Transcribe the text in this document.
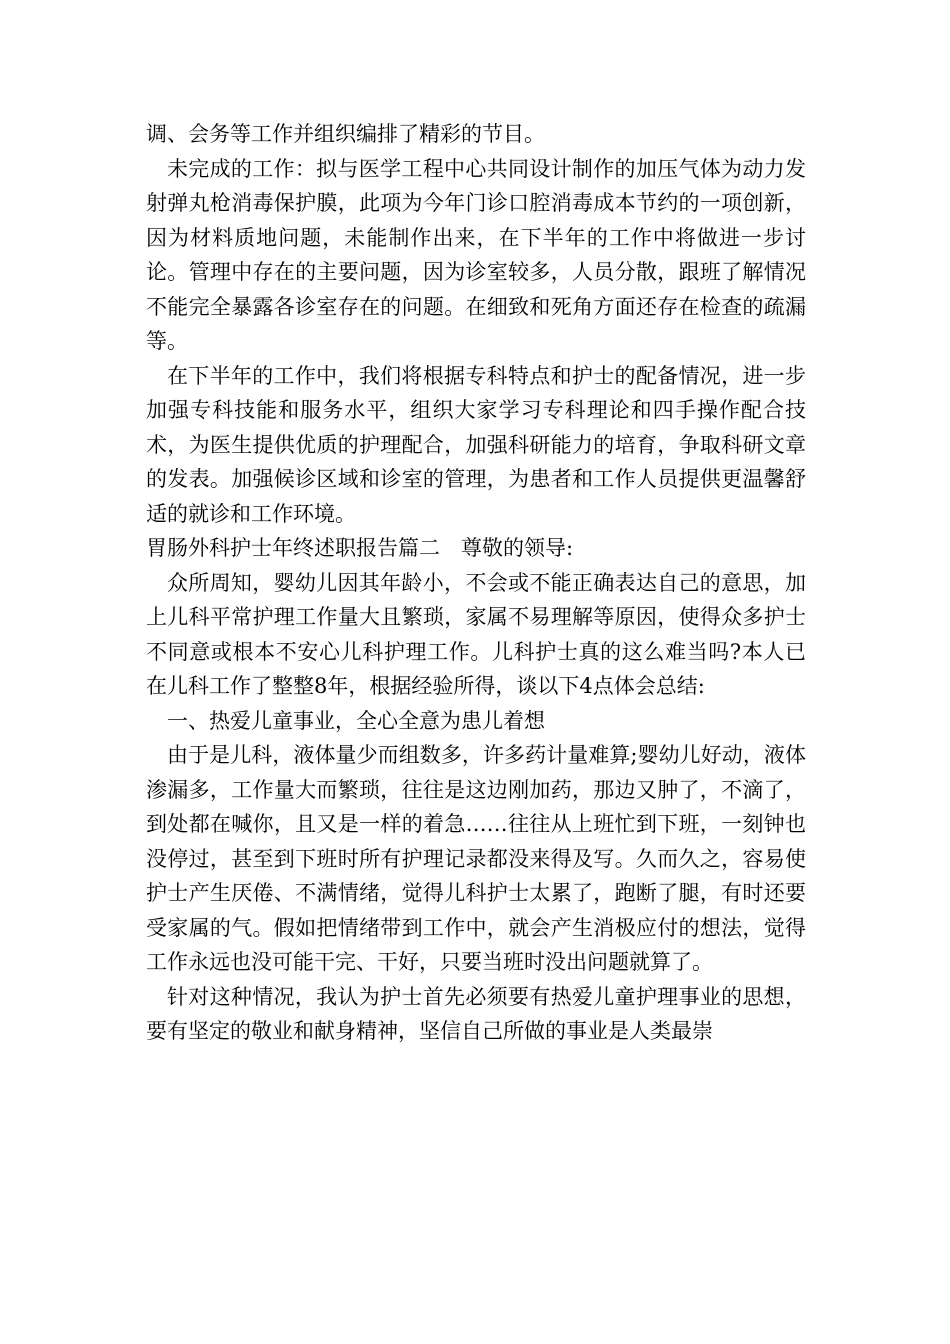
调、会务等工作并组织编排了精彩的节目。

未完成的工作：拟与医学工程中心共同设计制作的加压气体为动力发射弹丸枪消毒保护膜，此项为今年门诊口腔消毒成本节约的一项创新，因为材料质地问题，未能制作出来，在下半年的工作中将做进一步讨论。管理中存在的主要问题，因为诊室较多，人员分散，跟班了解情况不能完全暴露各诊室存在的问题。在细致和死角方面还存在检查的疏漏等。

在下半年的工作中，我们将根据专科特点和护士的配备情况，进一步加强专科技能和服务水平，组织大家学习专科理论和四手操作配合技术，为医生提供优质的护理配合，加强科研能力的培育，争取科研文章的发表。加强候诊区域和诊室的管理，为患者和工作人员提供更温馨舒适的就诊和工作环境。

胃肠外科护士年终述职报告篇二 尊敬的领导:

众所周知，婴幼儿因其年龄小，不会或不能正确表达自己的意思，加上儿科平常护理工作量大且繁琐，家属不易理解等原因，使得众多护士不同意或根本不安心儿科护理工作。儿科护士真的这么难当吗?本人已在儿科工作了整整8年，根据经验所得，谈以下4点体会总结:

一、热爱儿童事业，全心全意为患儿着想

由于是儿科，液体量少而组数多，许多药计量难算;婴幼儿好动，液体渗漏多，工作量大而繁琐，往往是这边刚加药，那边又肿了，不滴了，到处都在喊你，且又是一样的着急……往往从上班忙到下班，一刻钟也没停过，甚至到下班时所有护理记录都没来得及写。久而久之，容易使护士产生厌倦、不满情绪，觉得儿科护士太累了，跑断了腿，有时还要受家属的气。假如把情绪带到工作中，就会产生消极应付的想法，觉得工作永远也没可能干完、干好，只要当班时没出问题就算了。

针对这种情况，我认为护士首先必须要有热爱儿童护理事业的思想，要有坚定的敬业和献身精神，坚信自己所做的事业是人类最崇
